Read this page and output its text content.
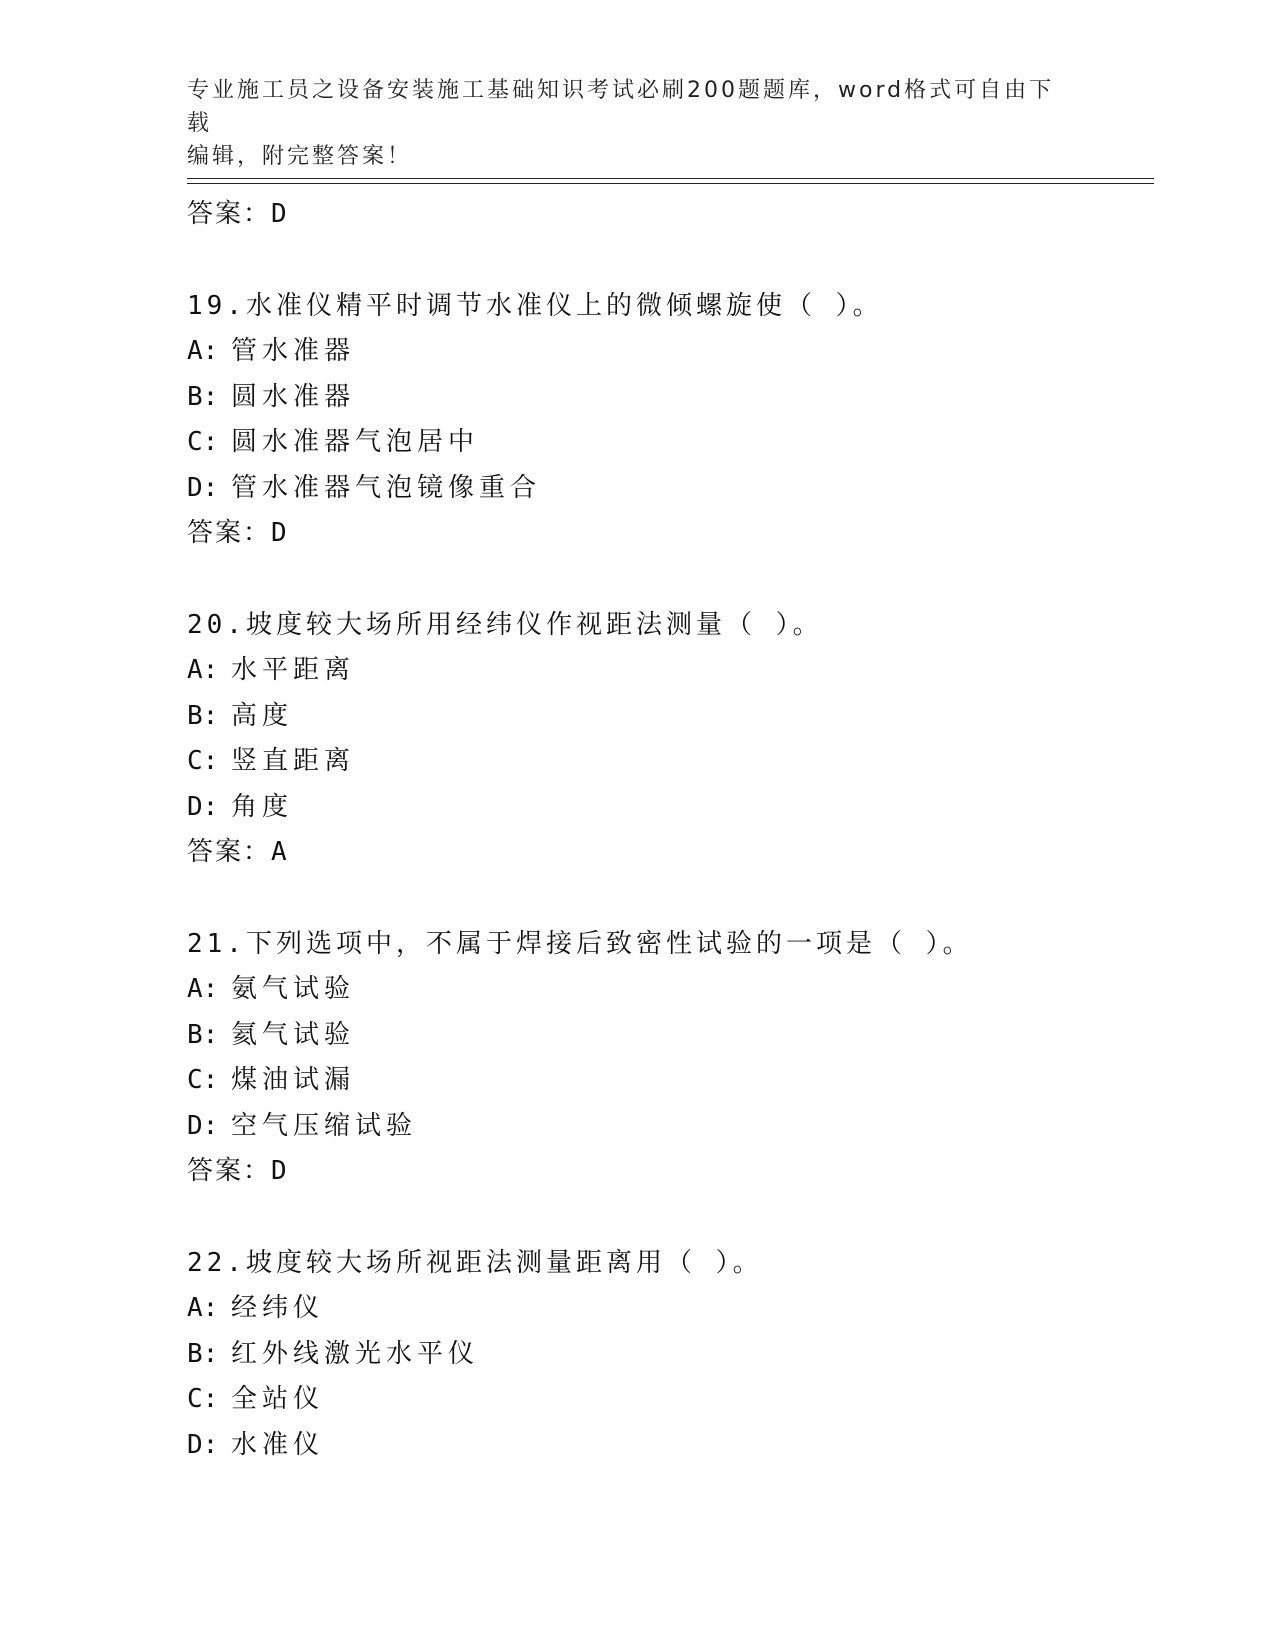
专业施工员之设备安装施工基础知识考试必刷200题题库，word格式可自由下载
编辑，附完整答案！
答案：D
19.水准仪精平时调节水准仪上的微倾螺旋使（ ）。
A: 管水准器
B: 圆水准器
C: 圆水准器气泡居中
D: 管水准器气泡镜像重合
答案：D
20.坡度较大场所用经纬仪作视距法测量（ ）。
A: 水平距离
B: 高度
C: 竖直距离
D: 角度
答案：A
21.下列选项中，不属于焊接后致密性试验的一项是（ ）。
A: 氨气试验
B: 氦气试验
C: 煤油试漏
D: 空气压缩试验
答案：D
22.坡度较大场所视距法测量距离用（ ）。
A: 经纬仪
B: 红外线激光水平仪
C: 全站仪
D: 水准仪
